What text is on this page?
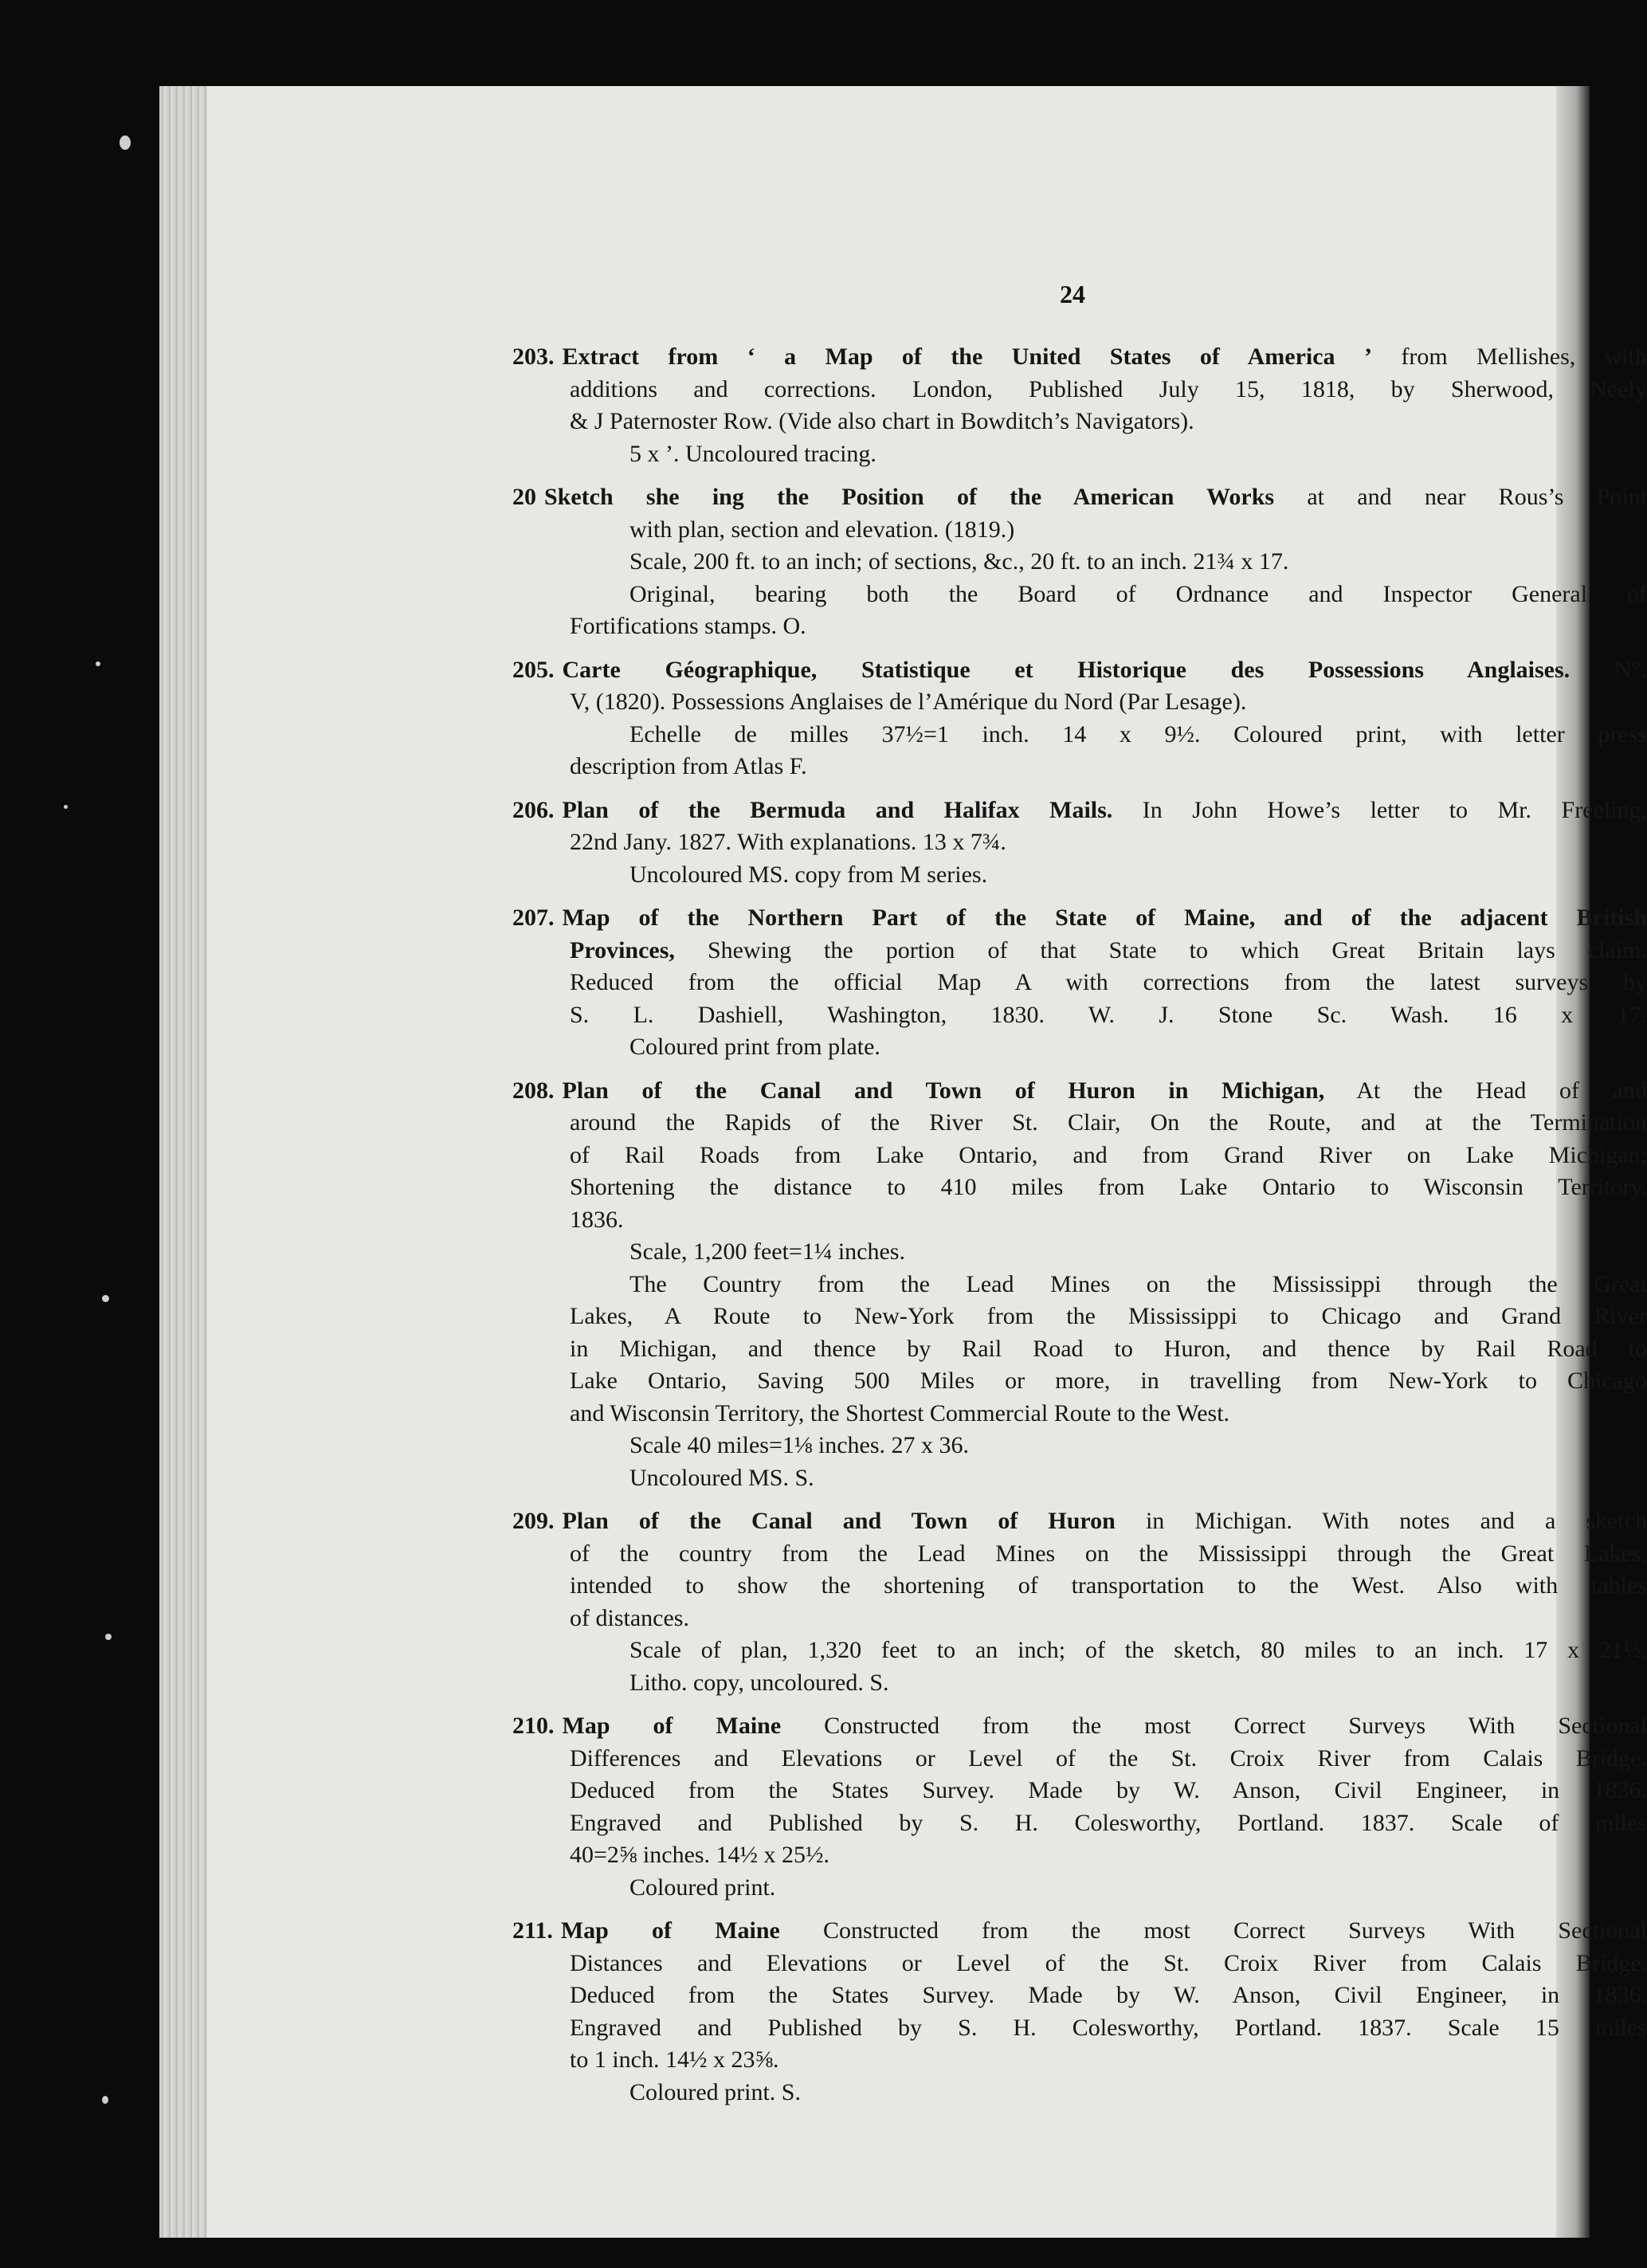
24
203. Extract from ‘ a Map of the United States of America ’ from Mellishes, with
additions and corrections. London, Published July 15, 1818, by Sherwood, Neely
& J Paternoster Row. (Vide also chart in Bowditch’s Navigators).
5 x ’. Uncoloured tracing.
20 Sketch she ing the Position of the American Works at and near Rous’s Point
with plan, section and elevation. (1819.)
Scale, 200 ft. to an inch; of sections, &c., 20 ft. to an inch. 21¾ x 17.
Original, bearing both the Board of Ordnance and Inspector General of
Fortifications stamps. O.
205. Carte Géographique, Statistique et Historique des Possessions Anglaises. N°.
V, (1820). Possessions Anglaises de l’Amérique du Nord (Par Lesage).
Echelle de milles 37½=1 inch. 14 x 9½. Coloured print, with letter press
description from Atlas F.
206. Plan of the Bermuda and Halifax Mails. In John Howe’s letter to Mr. Freeling,
22nd Jany. 1827. With explanations. 13 x 7¾.
Uncoloured MS. copy from M series.
207. Map of the Northern Part of the State of Maine, and of the adjacent British
Provinces, Shewing the portion of that State to which Great Britain lays claim.
Reduced from the official Map A with corrections from the latest surveys by
S. L. Dashiell, Washington, 1830. W. J. Stone Sc. Wash. 16 x 17.
Coloured print from plate.
208. Plan of the Canal and Town of Huron in Michigan, At the Head of and
around the Rapids of the River St. Clair, On the Route, and at the Termination
of Rail Roads from Lake Ontario, and from Grand River on Lake Michigan;
Shortening the distance to 410 miles from Lake Ontario to Wisconsin Territory.
1836.
Scale, 1,200 feet=1¼ inches.
The Country from the Lead Mines on the Mississippi through the Great
Lakes, A Route to New-York from the Mississippi to Chicago and Grand River
in Michigan, and thence by Rail Road to Huron, and thence by Rail Road to
Lake Ontario, Saving 500 Miles or more, in travelling from New-York to Chicago
and Wisconsin Territory, the Shortest Commercial Route to the West.
Scale 40 miles=1⅛ inches. 27 x 36.
Uncoloured MS. S.
209. Plan of the Canal and Town of Huron in Michigan. With notes and a sketch
of the country from the Lead Mines on the Mississippi through the Great Lakes,
intended to show the shortening of transportation to the West. Also with tables
of distances.
Scale of plan, 1,320 feet to an inch; of the sketch, 80 miles to an inch. 17 x 21½.
Litho. copy, uncoloured. S.
210. Map of Maine Constructed from the most Correct Surveys With Sectional
Differences and Elevations or Level of the St. Croix River from Calais Bridge.
Deduced from the States Survey. Made by W. Anson, Civil Engineer, in 1836.
Engraved and Published by S. H. Colesworthy, Portland. 1837. Scale of miles
40=2⅝ inches. 14½ x 25½.
Coloured print.
211. Map of Maine Constructed from the most Correct Surveys With Sectional
Distances and Elevations or Level of the St. Croix River from Calais Bridge.
Deduced from the States Survey. Made by W. Anson, Civil Engineer, in 1836.
Engraved and Published by S. H. Colesworthy, Portland. 1837. Scale 15 miles
to 1 inch. 14½ x 23⅝.
Coloured print. S.
